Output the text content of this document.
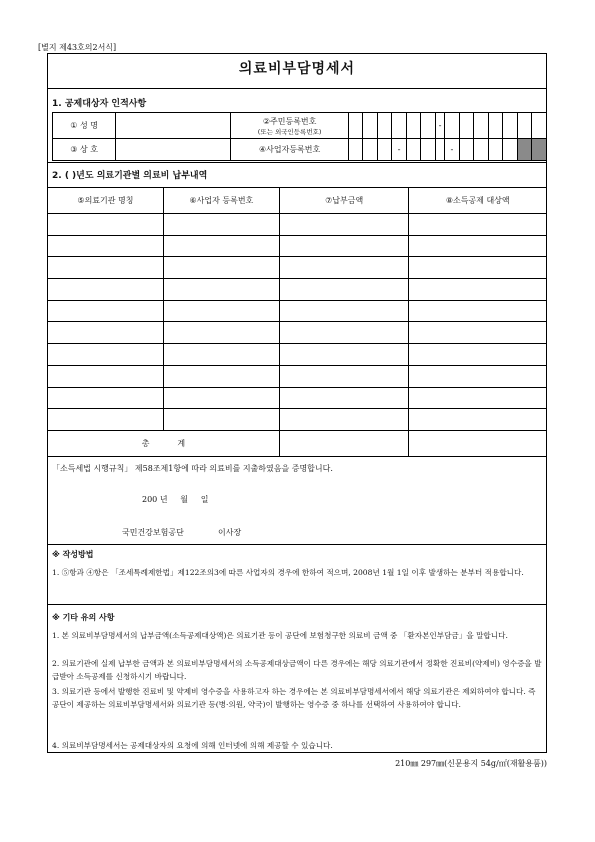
[별지 제43호의2서식]
의료비부담명세서
1. 공제대상자 인적사항
① 성 명		②주민등록번호
(또는 외국인등록번호)							-							
③ 상 호		④사업자등록번호				-				-						
2. ( )년도 의료기관별 의료비 납부내역
⑤의료기관 명칭	⑥사업자 등록번호	⑦납부금액	⑧소득공제 대상액

총           계			
「소득세법 시행규칙」 제58조제1항에 따라 의료비를 지출하였음을 증명합니다.
200 년     월     일
국민건강보험공단	이사장
※ 작성방법
1. ⑤항과 ④항은 「조세특례제한법」제122조의3에 따른 사업자의 경우에 한하여 적으며, 2008년 1월 1일 이후 발생하는 분부터 적용합니다.
※ 기타 유의 사항
1. 본 의료비부담명세서의 납부금액(소득공제대상액)은 의료기관 등이 공단에 보험청구한 의료비 금액 중 「환자본인부담금」을 말합니다.
2. 의료기관에 실제 납부한 금액과 본 의료비부담명세서의 소득공제대상금액이 다른 경우에는 해당 의료기관에서 정확한 진료비(약제비) 영수증을 발급받아 소득공제를 신청하시기 바랍니다.
3. 의료기관 등에서 발행한 진료비 및 약제비 영수증을 사용하고자 하는 경우에는 본 의료비부담명세서에서 해당 의료기관은 제외하여야 합니다. 즉 공단이 제공하는 의료비부담명세서와 의료기관 등(병·의원, 약국)이 발행하는 영수증 중 하나를 선택하여 사용하여야 합니다.
4. 의료비부담명세서는 공제대상자의 요청에 의해 인터넷에 의해 제공할 수 있습니다.
210㎜ 297㎜(신문용지 54g/㎡(재활용품))
